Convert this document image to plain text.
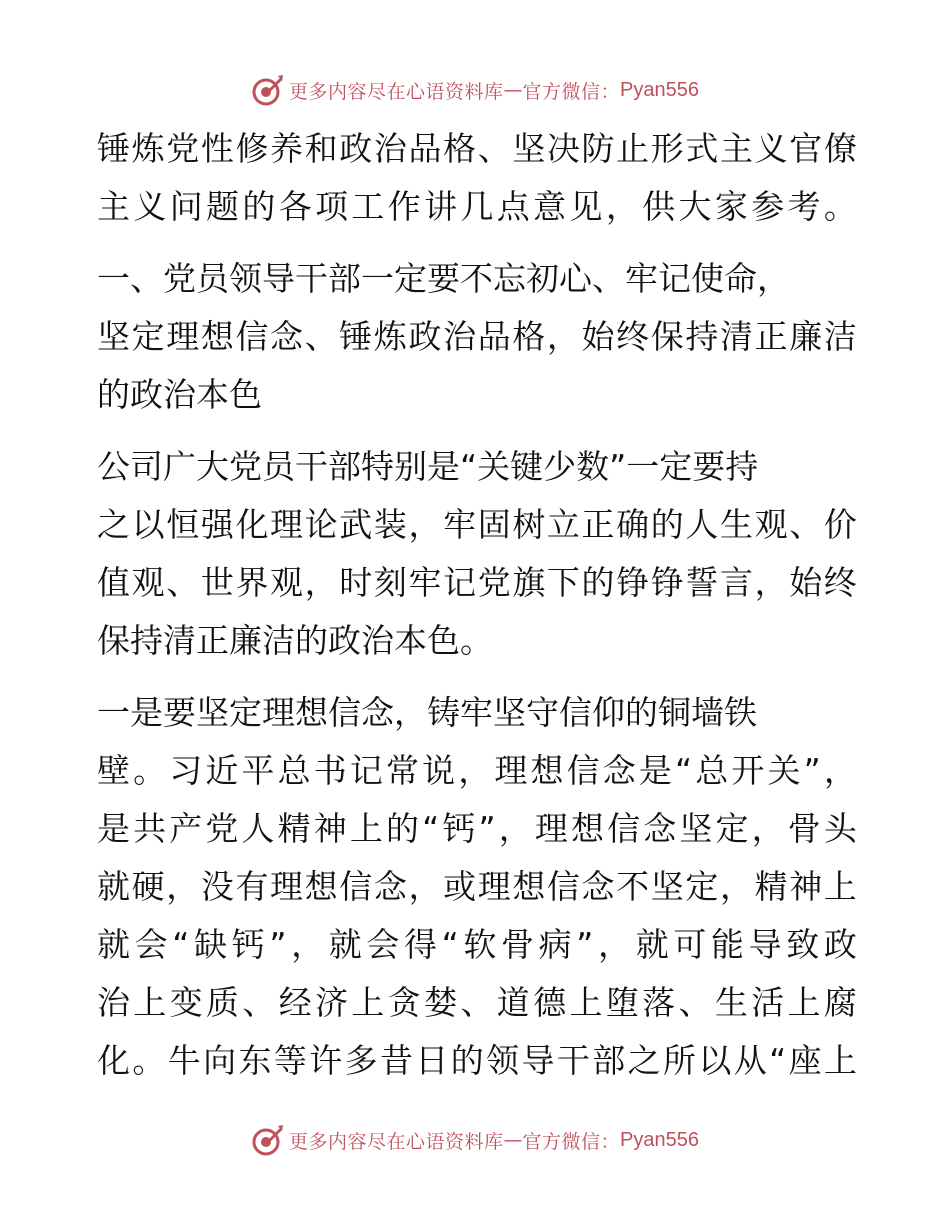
更多内容尽在心语资料库 — 官方微信： Pyan556
锤 炼 党 性 修 养 和 政 治 品 格 、 坚 决 防 止 形 式 主 义 官 僚
主 义 问 题 的 各 项 工 作 讲 几 点 意 见 ， 供 大 家 参 考 。
一、党员领导干部一定要不忘初心、牢记使命，
坚 定 理 想 信 念 、 锤 炼 政 治 品 格 ， 始 终 保 持 清 正 廉 洁
的政治本色
公司广大党员干部特别是“关键少数”一定要持
之 以 恒 强 化 理 论 武 装 ， 牢 固 树 立 正 确 的 人 生 观 、 价
值 观 、 世 界 观 ， 时 刻 牢 记 党 旗 下 的 铮 铮 誓 言 ， 始 终
保持清正廉洁的政治本色。
一是要坚定理想信念，铸牢坚守信仰的铜墙铁
壁 。 习 近 平 总 书 记 常 说 ， 理 想 信 念 是 “ 总 开 关 ” ，
是 共 产 党 人 精 神 上 的 “ 钙 ” ， 理 想 信 念 坚 定 ， 骨 头
就 硬 ， 没 有 理 想 信 念 ， 或 理 想 信 念 不 坚 定 ， 精 神 上
就 会 “ 缺 钙 ” ， 就 会 得 “ 软 骨 病 ” ， 就 可 能 导 致 政
治 上 变 质 、 经 济 上 贪 婪 、 道 德 上 堕 落 、 生 活 上 腐
化 。 牛 向 东 等 许 多 昔 日 的 领 导 干 部 之 所 以 从 “ 座 上
更多内容尽在心语资料库 — 官方微信： Pyan556
